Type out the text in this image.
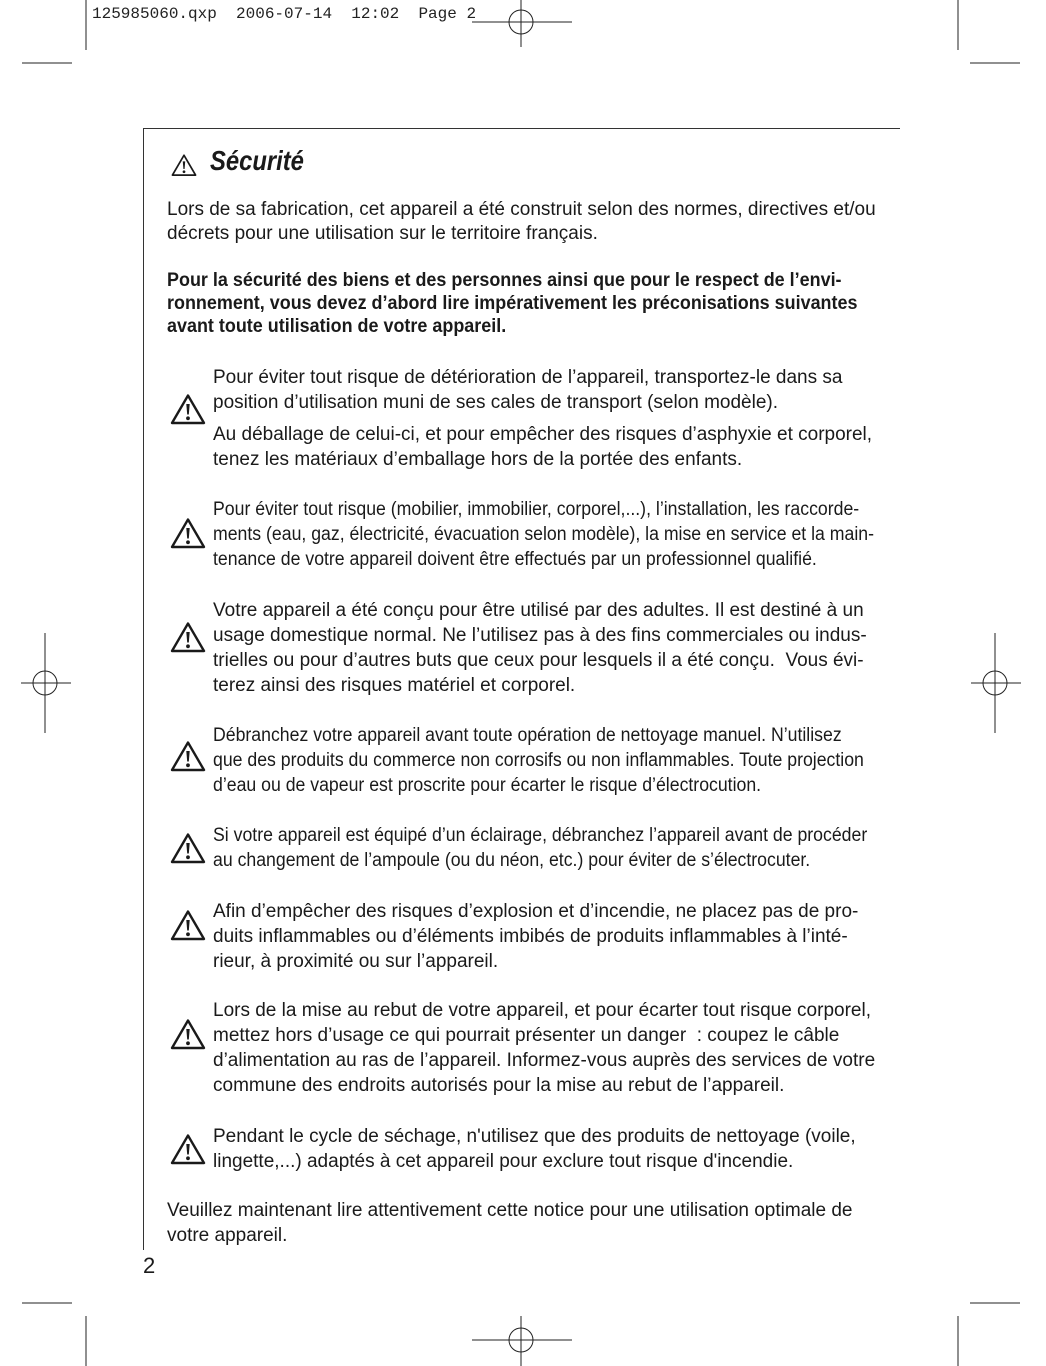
125985060.qxp  2006-07-14  12:02  Page 2
Sécurité
Lors de sa fabrication, cet appareil a été construit selon des normes, directives et/ou
décrets pour une utilisation sur le territoire français.
Pour la sécurité des biens et des personnes ainsi que pour le respect de l’envi-
ronnement, vous devez d’abord lire impérativement les préconisations suivantes
avant toute utilisation de votre appareil.
Pour éviter tout risque de détérioration de l’appareil, transportez-le dans sa
position d’utilisation muni de ses cales de transport (selon modèle).
Au déballage de celui-ci, et pour empêcher des risques d’asphyxie et corporel,
tenez les matériaux d’emballage hors de la portée des enfants.
Pour éviter tout risque (mobilier, immobilier, corporel,...), l’installation, les raccorde-
ments (eau, gaz, électricité, évacuation selon modèle), la mise en service et la main-
tenance de votre appareil doivent être effectués par un professionnel qualifié.
Votre appareil a été conçu pour être utilisé par des adultes. Il est destiné à un
usage domestique normal. Ne l’utilisez pas à des fins commerciales ou indus-
trielles ou pour d’autres buts que ceux pour lesquels il a été conçu.  Vous évi-
terez ainsi des risques matériel et corporel.
Débranchez votre appareil avant toute opération de nettoyage manuel. N’utilisez
que des produits du commerce non corrosifs ou non inflammables. Toute projection
d’eau ou de vapeur est proscrite pour écarter le risque d’électrocution.
Si votre appareil est équipé d’un éclairage, débranchez l’appareil avant de procéder
au changement de l’ampoule (ou du néon, etc.) pour éviter de s’électrocuter.
Afin d’empêcher des risques d’explosion et d’incendie, ne placez pas de pro-
duits inflammables ou d’éléments imbibés de produits inflammables à l’inté-
rieur, à proximité ou sur l’appareil.
Lors de la mise au rebut de votre appareil, et pour écarter tout risque corporel,
mettez hors d’usage ce qui pourrait présenter un danger  : coupez le câble
d’alimentation au ras de l’appareil. Informez-vous auprès des services de votre
commune des endroits autorisés pour la mise au rebut de l’appareil.
Pendant le cycle de séchage, n'utilisez que des produits de nettoyage (voile,
lingette,...) adaptés à cet appareil pour exclure tout risque d'incendie.
Veuillez maintenant lire attentivement cette notice pour une utilisation optimale de
votre appareil.
2
